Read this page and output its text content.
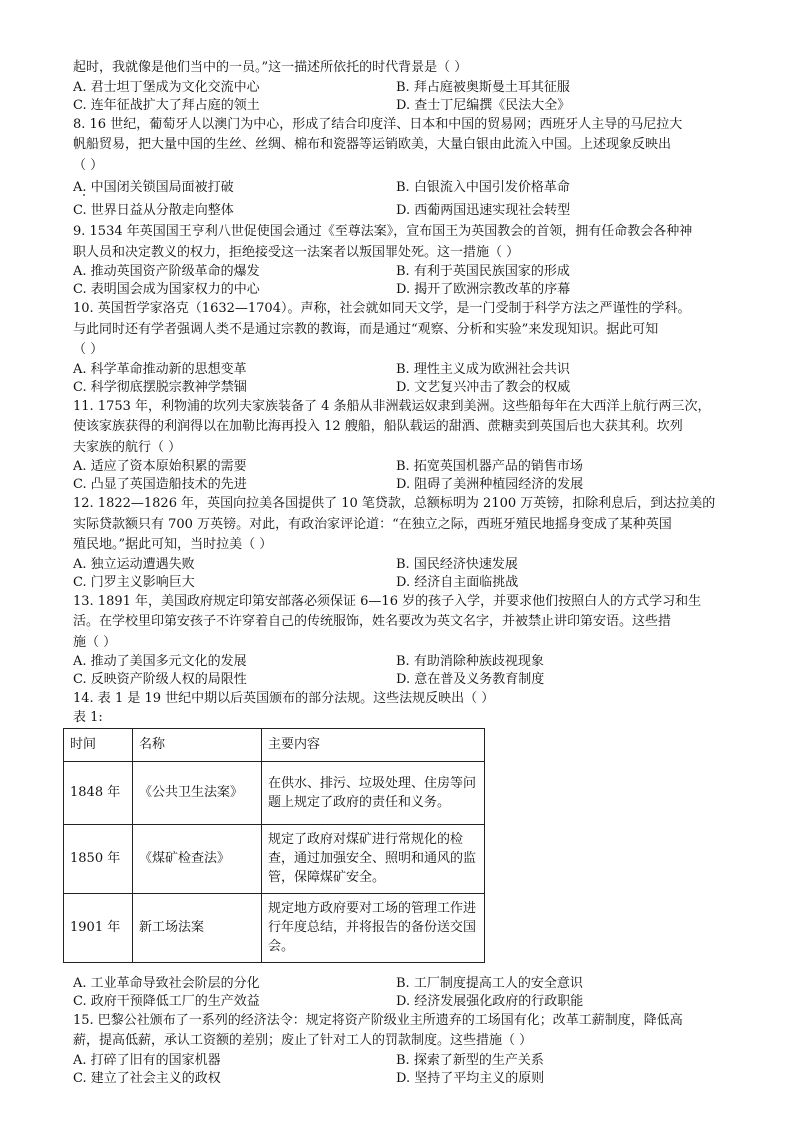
起时，我就像是他们当中的一员。”这一描述所依托的时代背景是（ ）
A. 君士坦丁堡成为文化交流中心	B. 拜占庭被奥斯曼土耳其征服
C. 连年征战扩大了拜占庭的领土	D. 查士丁尼编撰《民法大全》
8. 16 世纪，葡萄牙人以澳门为中心，形成了结合印度洋、日本和中国的贸易网；西班牙人主导的马尼拉大
帆船贸易，把大量中国的生丝、丝绸、棉布和瓷器等运销欧美，大量白银由此流入中国。上述现象反映出
（ ）
A. 中国闭关锁国局面被打破	B. 白银流入中国引发价格革命
C. 世界日益从分散走向整体	D. 西葡两国迅速实现社会转型
9. 1534 年英国国王亨利八世促使国会通过《至尊法案》，宣布国王为英国教会的首领，拥有任命教会各种神
职人员和决定教义的权力，拒绝接受这一法案者以叛国罪处死。这一措施（ ）
A. 推动英国资产阶级革命的爆发	B. 有利于英国民族国家的形成
C. 表明国会成为国家权力的中心	D. 揭开了欧洲宗教改革的序幕
10. 英国哲学家洛克（1632—1704）。声称，社会就如同天文学，是一门受制于科学方法之严谨性的学科。
与此同时还有学者强调人类不是通过宗教的教诲，而是通过“观察、分析和实验”来发现知识。据此可知
（ ）
A. 科学革命推动新的思想变革	B. 理性主义成为欧洲社会共识
C. 科学彻底摆脱宗教神学禁锢	D. 文艺复兴冲击了教会的权威
11. 1753 年，利物浦的坎列夫家族装备了 4 条船从非洲载运奴隶到美洲。这些船每年在大西洋上航行两三次，
使该家族获得的利润得以在加勒比海再投入 12 艘船，船队载运的甜酒、蔗糖卖到英国后也大获其利。坎列
夫家族的航行（ ）
A. 适应了资本原始积累的需要	B. 拓宽英国机器产品的销售市场
C. 凸显了英国造船技术的先进	D. 阻碍了美洲种植园经济的发展
12. 1822—1826 年，英国向拉美各国提供了 10 笔贷款，总额标明为 2100 万英镑，扣除利息后，到达拉美的
实际贷款额只有 700 万英镑。对此，有政治家评论道：“在独立之际，西班牙殖民地摇身变成了某种英国
殖民地。”据此可知，当时拉美（ ）
A. 独立运动遭遇失败	B. 国民经济快速发展
C. 门罗主义影响巨大	D. 经济自主面临挑战
13. 1891 年，美国政府规定印第安部落必须保证 6—16 岁的孩子入学，并要求他们按照白人的方式学习和生
活。在学校里印第安孩子不许穿着自己的传统服饰，姓名要改为英文名字，并被禁止讲印第安语。这些措
施（ ）
A. 推动了美国多元文化的发展	B. 有助消除种族歧视现象
C. 反映资产阶级人权的局限性	D. 意在普及义务教育制度
14. 表 1 是 19 世纪中期以后英国颁布的部分法规。这些法规反映出（ ）
表 1:
时间	名称	主要内容
1848 年	《公共卫生法案》	在供水、排污、垃圾处理、住房等问题上规定了政府的责任和义务。
1850 年	《煤矿检查法》	规定了政府对煤矿进行常规化的检查，通过加强安全、照明和通风的监管，保障煤矿安全。
1901 年	新工场法案	规定地方政府要对工场的管理工作进行年度总结，并将报告的备份送交国会。
A. 工业革命导致社会阶层的分化	B. 工厂制度提高工人的安全意识
C. 政府干预降低工厂的生产效益	D. 经济发展强化政府的行政职能
15. 巴黎公社颁布了一系列的经济法令：规定将资产阶级业主所遗弃的工场国有化；改革工薪制度，降低高
薪，提高低薪，承认工资额的差别；废止了针对工人的罚款制度。这些措施（ ）
A. 打碎了旧有的国家机器	B. 探索了新型的生产关系
C. 建立了社会主义的政权	D. 坚持了平均主义的原则
